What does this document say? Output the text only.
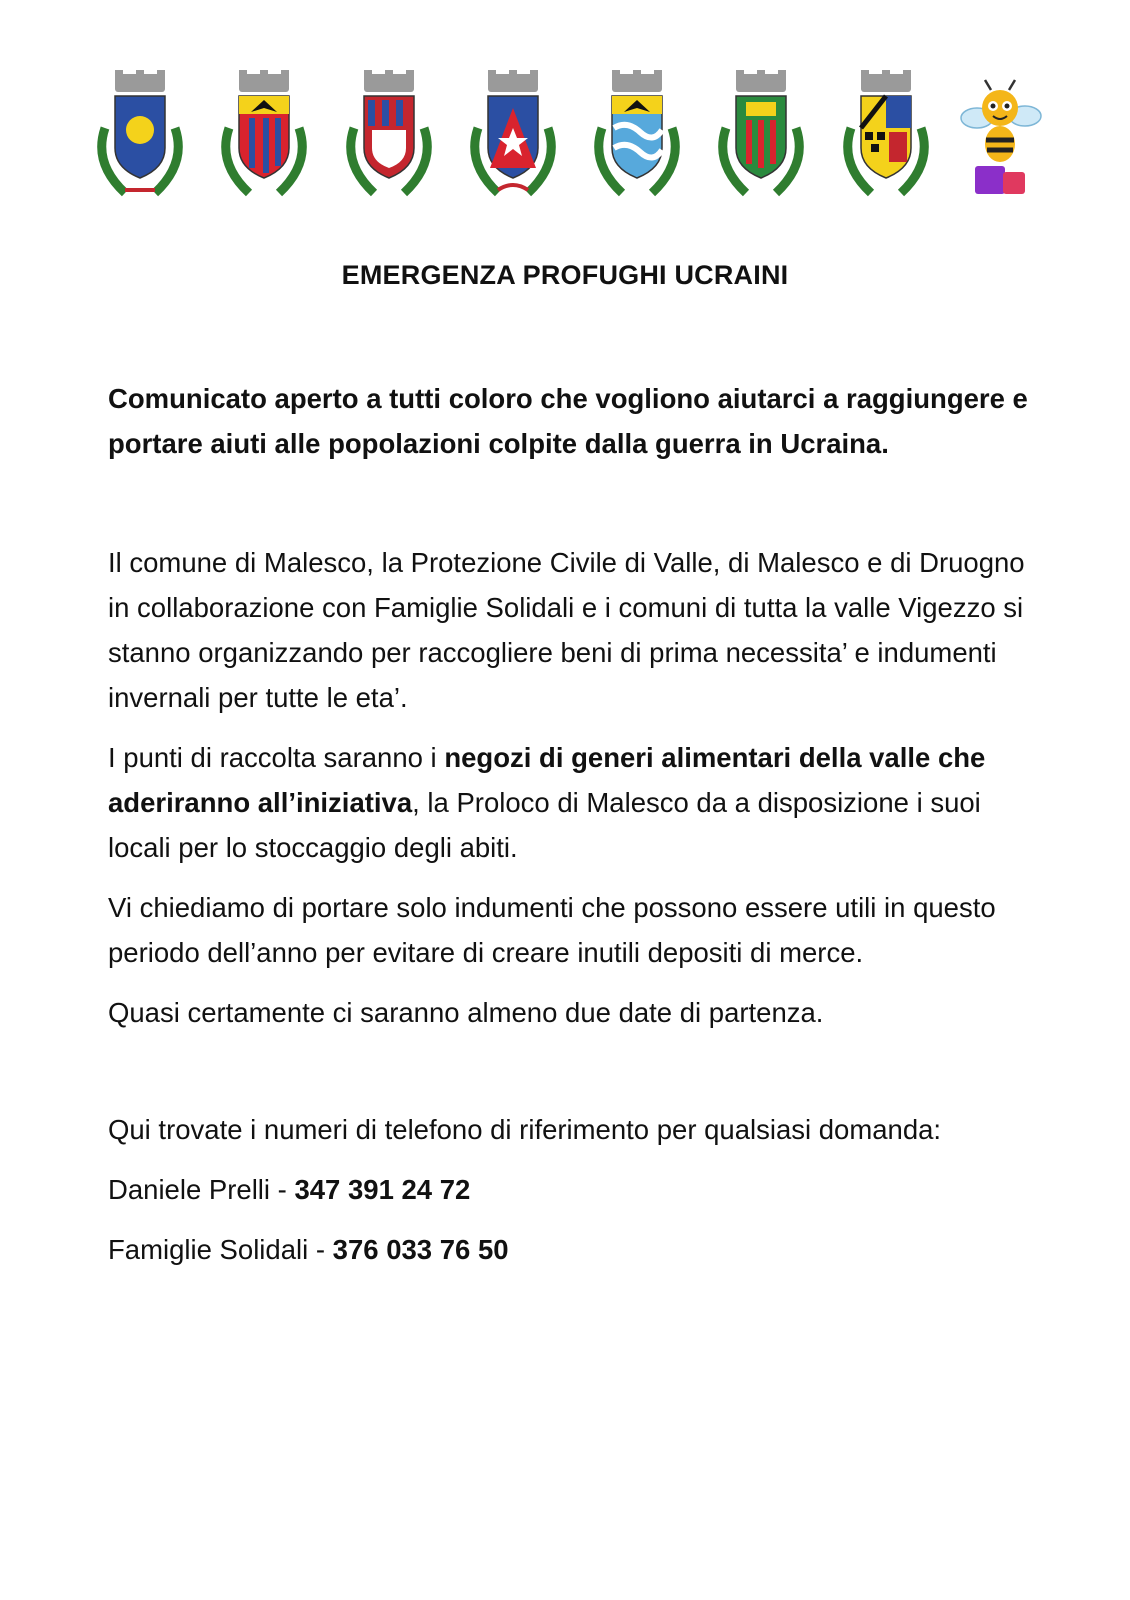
EMERGENZA PROFUGHI UCRAINI

Comunicato aperto a tutti coloro che vogliono aiutarci a raggiungere e portare aiuti alle popolazioni colpite dalla guerra in Ucraina.

Il comune di Malesco, la Protezione Civile di Valle, di Malesco e di Druogno in collaborazione con Famiglie Solidali e i comuni di tutta la valle Vigezzo si stanno organizzando per raccogliere beni di prima necessita’ e indumenti invernali per tutte le eta’.

I punti di raccolta saranno i negozi di generi alimentari della valle che aderiranno all’iniziativa, la Proloco di Malesco da a disposizione i suoi locali per lo stoccaggio degli abiti.

Vi chiediamo di portare solo indumenti che possono essere utili in questo periodo dell’anno per evitare di creare inutili depositi di merce.

Quasi certamente ci saranno almeno due date di partenza.

Qui trovate i numeri di telefono di riferimento per qualsiasi domanda:

Daniele Prelli - 347 391 24 72

Famiglie Solidali - 376 033 76 50
